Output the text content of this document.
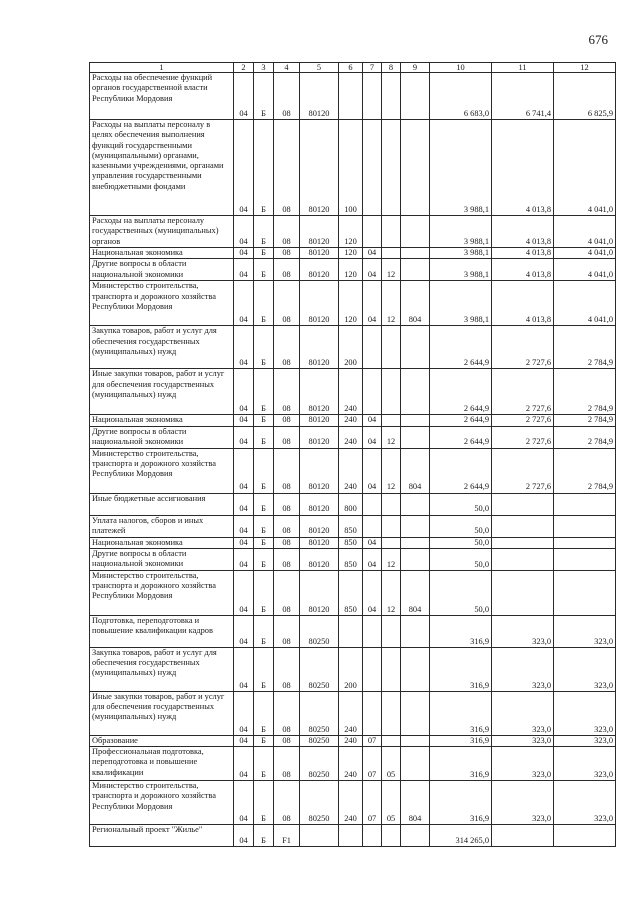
676
1	2	3	4	5	6	7	8	9	10	11	12
Расходы на обеспечение функций органов государственной власти Республики Мордовия	04	Б	08	80120					6 683,0	6 741,4	6 825,9
Расходы на выплаты персоналу в целях обеспечения выполнения функций государственными (муниципальными) органами, казенными учреждениями, органами управления государственными внебюджетными фондами	04	Б	08	80120	100				3 988,1	4 013,8	4 041,0
Расходы на выплаты персоналу государственных (муниципальных) органов	04	Б	08	80120	120				3 988,1	4 013,8	4 041,0
Национальная экономика	04	Б	08	80120	120	04			3 988,1	4 013,8	4 041,0
Другие вопросы в области национальной экономики	04	Б	08	80120	120	04	12		3 988,1	4 013,8	4 041,0
Министерство строительства, транспорта и дорожного хозяйства Республики Мордовия	04	Б	08	80120	120	04	12	804	3 988,1	4 013,8	4 041,0
Закупка товаров, работ и услуг для обеспечения государственных (муниципальных) нужд	04	Б	08	80120	200				2 644,9	2 727,6	2 784,9
Иные закупки товаров, работ и услуг для обеспечения государственных (муниципальных) нужд	04	Б	08	80120	240				2 644,9	2 727,6	2 784,9
Национальная экономика	04	Б	08	80120	240	04			2 644,9	2 727,6	2 784,9
Другие вопросы в области национальной экономики	04	Б	08	80120	240	04	12		2 644,9	2 727,6	2 784,9
Министерство строительства, транспорта и дорожного хозяйства Республики Мордовия	04	Б	08	80120	240	04	12	804	2 644,9	2 727,6	2 784,9
Иные бюджетные ассигнования	04	Б	08	80120	800				50,0		
Уплата налогов, сборов и иных платежей	04	Б	08	80120	850				50,0		
Национальная экономика	04	Б	08	80120	850	04			50,0		
Другие вопросы в области национальной экономики	04	Б	08	80120	850	04	12		50,0		
Министерство строительства, транспорта и дорожного хозяйства Республики Мордовия	04	Б	08	80120	850	04	12	804	50,0		
Подготовка, переподготовка и повышение квалификации кадров	04	Б	08	80250					316,9	323,0	323,0
Закупка товаров, работ и услуг для обеспечения государственных (муниципальных) нужд	04	Б	08	80250	200				316,9	323,0	323,0
Иные закупки товаров, работ и услуг для обеспечения государственных (муниципальных) нужд	04	Б	08	80250	240				316,9	323,0	323,0
Образование	04	Б	08	80250	240	07			316,9	323,0	323,0
Профессиональная подготовка, переподготовка и повышение квалификации	04	Б	08	80250	240	07	05		316,9	323,0	323,0
Министерство строительства, транспорта и дорожного хозяйства Республики Мордовия	04	Б	08	80250	240	07	05	804	316,9	323,0	323,0
Региональный проект "Жилье"	04	Б	F1						314 265,0		
